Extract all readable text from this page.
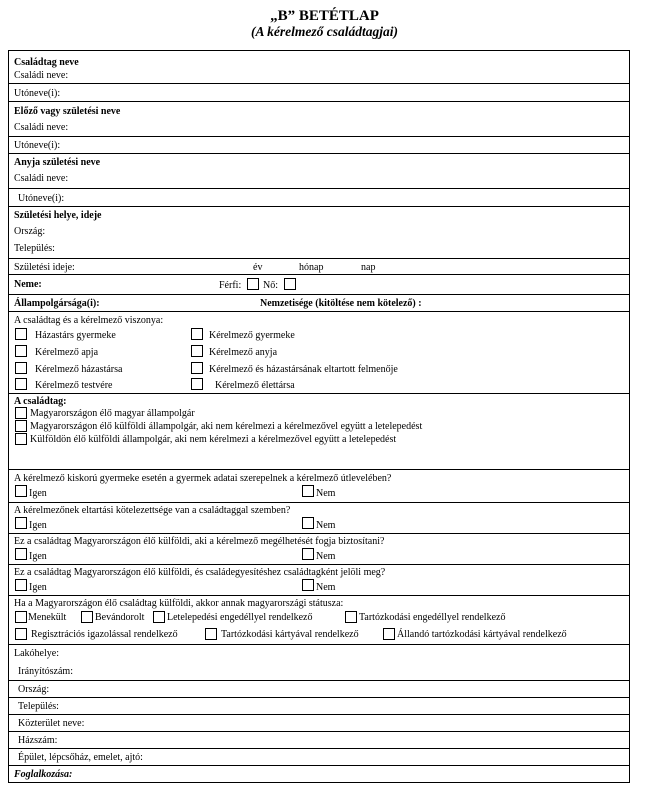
„B” BETÉTLAP
(A kérelmező családtagjai)
Családtag neve
Családi neve:
Utóneve(i):
Előző vagy születési neve
Családi neve:
Utóneve(i):
Anyja születési neve
Családi neve:
Utóneve(i):
Születési helye, ideje
Ország:
Település:
Születési ideje:	év	hónap	nap
Neme:	Férfi: Nő:
Állampolgársága(i):	Nemzetisége (kitöltése nem kötelező) :
A családtag és a kérelmező viszonya:
Házastárs gyermeke	Kérelmező gyermeke
Kérelmező apja	Kérelmező anyja
Kérelmező házastársa	Kérelmező és házastársának eltartott felmenője
Kérelmező testvére	Kérelmező élettársa
A családtag:
Magyarországon élő magyar állampolgár
Magyarországon élő külföldi állampolgár, aki nem kérelmezi a kérelmezővel együtt a letelepedést
Külföldön élő külföldi állampolgár, aki nem kérelmezi a kérelmezővel együtt a letelepedést
A kérelmező kiskorú gyermeke esetén a gyermek adatai szerepelnek a kérelmező útlevelében?
Igen	Nem
A kérelmezőnek eltartási kötelezettsége van a családtaggal szemben?
Igen	Nem
Ez a családtag Magyarországon élő külföldi, aki a kérelmező megélhetését fogja biztosítani?
Igen	Nem
Ez a családtag Magyarországon élő külföldi, és családegyesítéshez családtagként jelöli meg?
Igen	Nem
Ha a Magyarországon élő családtag külföldi, akkor annak magyarországi státusza:
Menekült	Bevándorolt Letelepedési engedéllyel rendelkező	Tartózkodási engedéllyel rendelkező
Regisztrációs igazolással rendelkező	Tartózkodási kártyával rendelkező	Állandó tartózkodási kártyával rendelkező
Lakóhelye:
Irányítószám:
Ország:
Település:
Közterület neve:
Házszám:
Épület, lépcsőház, emelet, ajtó:
Foglalkozása:
